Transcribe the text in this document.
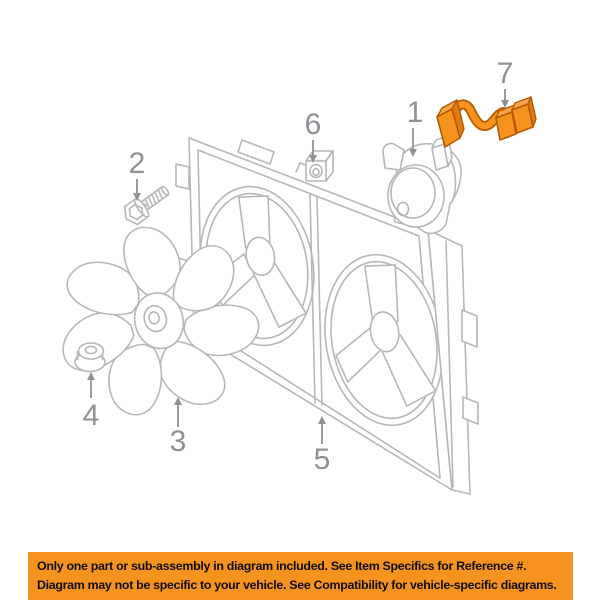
1
2
3
4
5
6
7
Only one part or sub-assembly in diagram included. See Item Specifics for Reference #.
Diagram may not be specific to your vehicle. See Compatibility for vehicle-specific diagrams.
